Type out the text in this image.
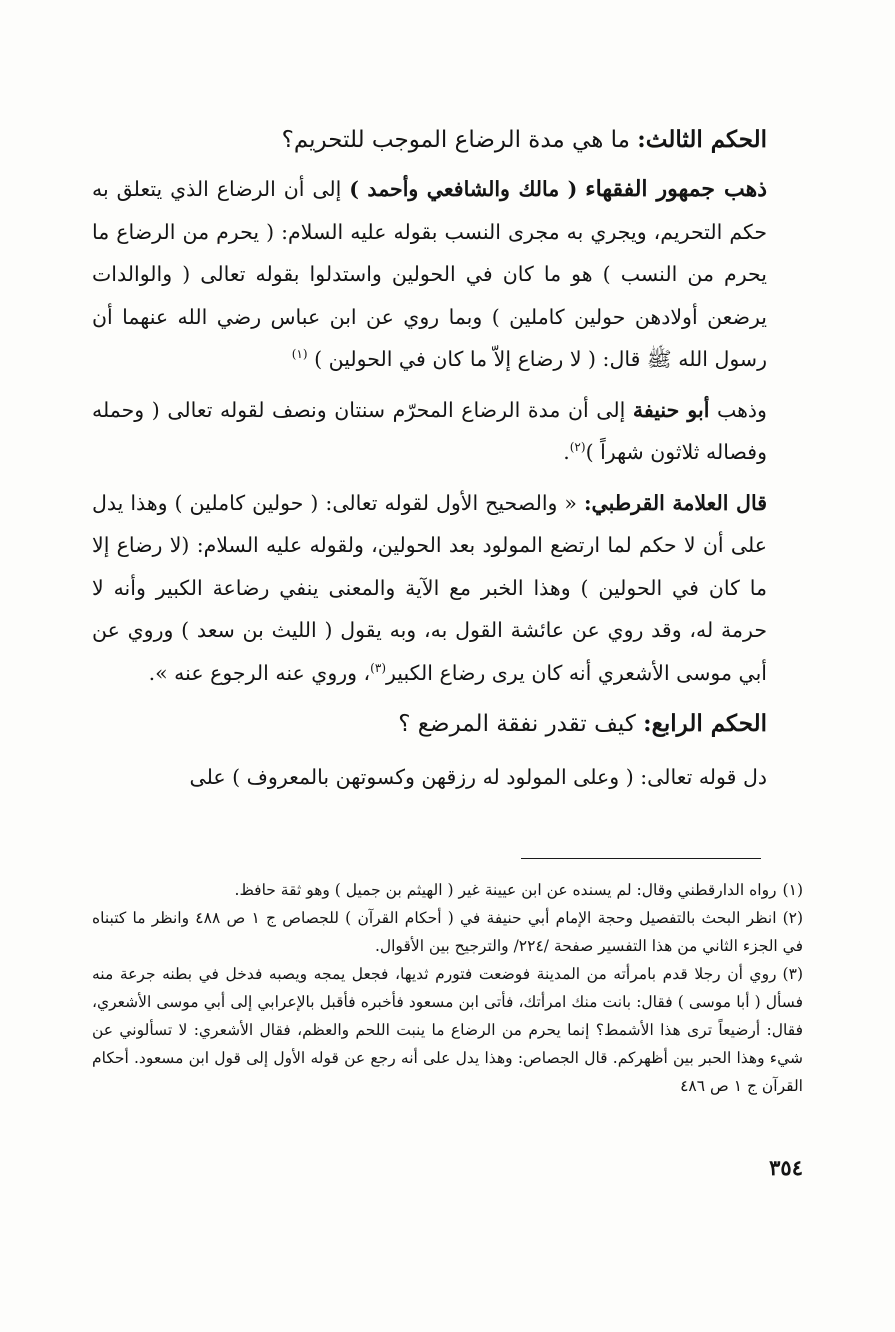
الحكم الثالث: ما هي مدة الرضاع الموجب للتحريم؟

ذهب جمهور الفقهاء ( مالك والشافعي وأحمد ) إلى أن الرضاع الذي يتعلق به حكم التحريم، ويجري به مجرى النسب بقوله عليه السلام: ( يحرم من الرضاع ما يحرم من النسب ) هو ما كان في الحولين واستدلوا بقوله تعالى ( والوالدات يرضعن أولادهن حولين كاملين ) وبما روي عن ابن عباس رضي الله عنهما أن رسول الله ﷺ قال: ( لا رضاع إلاّ ما كان في الحولين ) $^{(١)}$

وذهب أبو حنيفة إلى أن مدة الرضاع المحرّم سنتان ونصف لقوله تعالى ( وحمله وفصاله ثلاثون شهراً )$^{(٢)}$.

قال العلامة القرطبي: « والصحيح الأول لقوله تعالى: ( حولين كاملين ) وهذا يدل على أن لا حكم لما ارتضع المولود بعد الحولين، ولقوله عليه السلام: (لا رضاع إلا ما كان في الحولين ) وهذا الخبر مع الآية والمعنى ينفي رضاعة الكبير وأنه لا حرمة له، وقد روي عن عائشة القول به، وبه يقول ( الليث بن سعد ) وروي عن أبي موسى الأشعري أنه كان يرى رضاع الكبير$^{(٣)}$، وروي عنه الرجوع عنه ».

الحكم الرابع: كيف تقدر نفقة المرضع ؟

دل قوله تعالى: ( وعلى المولود له رزقهن وكسوتهن بالمعروف ) على

(١)رواه الدارقطني وقال: لم يسنده عن ابن عيينة غير ( الهيثم بن جميل ) وهو ثقة حافظ.

(٢)انظر البحث بالتفصيل وحجة الإمام أبي حنيفة في ( أحكام القرآن ) للجصاص ج ١ ص ٤٨٨ وانظر ما كتبناه في الجزء الثاني من هذا التفسير صفحة /٢٢٤/ والترجيح بين الأقوال.

(٣)روي أن رجلا قدم بامرأته من المدينة فوضعت فتورم ثديها، فجعل يمجه ويصبه فدخل في بطنه جرعة منه فسأل ( أبا موسى ) فقال: بانت منك امرأتك، فأتى ابن مسعود فأخبره فأقبل بالإعرابي إلى أبي موسى الأشعري، فقال: أرضيعاً ترى هذا الأشمط؟ إنما يحرم من الرضاع ما ينبت اللحم والعظم، فقال الأشعري: لا تسألوني عن شيء وهذا الحبر بين أظهركم. قال الجصاص: وهذا يدل على أنه رجع عن قوله الأول إلى قول ابن مسعود. أحكام القرآن ج ١ ص ٤٨٦

٣٥٤
